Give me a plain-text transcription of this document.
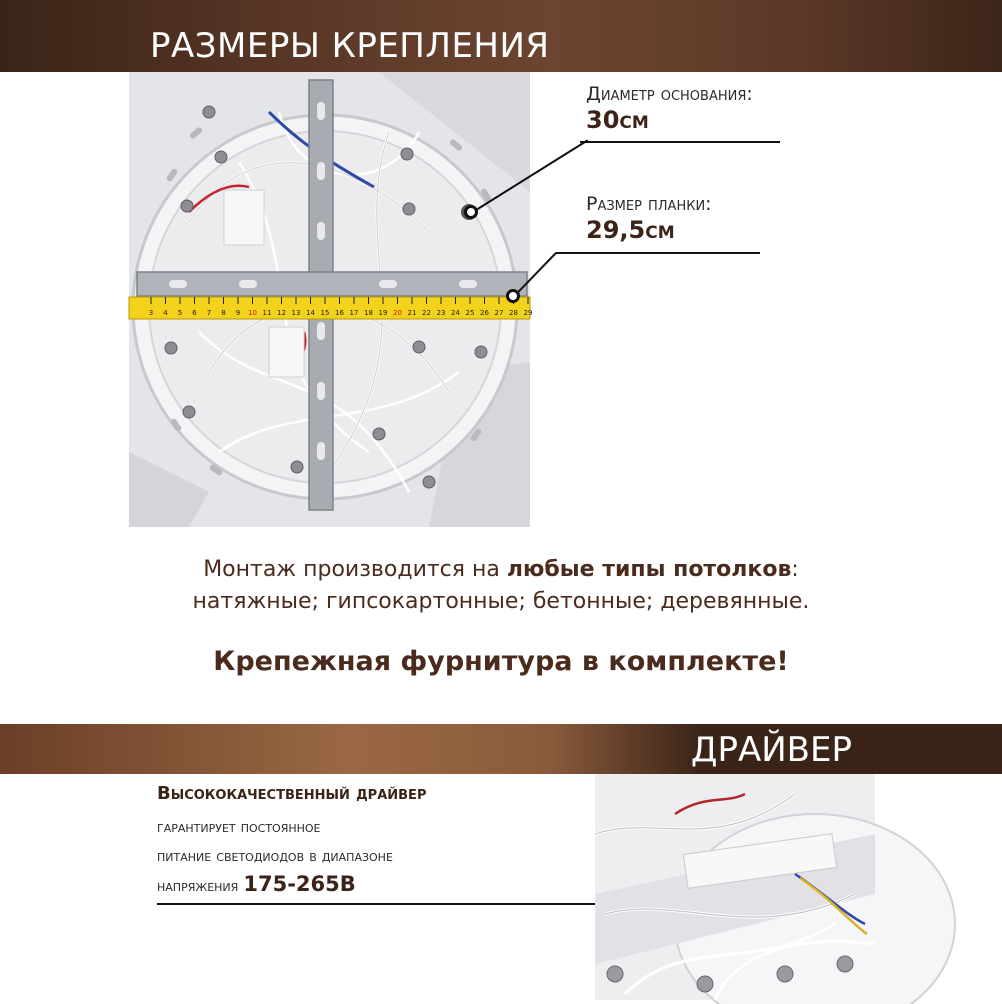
РАЗМЕРЫ КРЕПЛЕНИЯ
3 4 5 6 7 8 9 10 11 12 13 14 15 16 17 18 19 20 21 22 23 24 25 26 27 28 29
Диаметр основания:
30см
Размер планки:
29,5см
Монтаж производится на любые типы потолков:
натяжные; гипсокартонные; бетонные; деревянные.
Крепежная фурнитура в комплекте!
ДРАЙВЕР
Высококачественный драйвер
гарантирует постоянное
питание светодиодов в диапазоне
напряжения 175-265В
